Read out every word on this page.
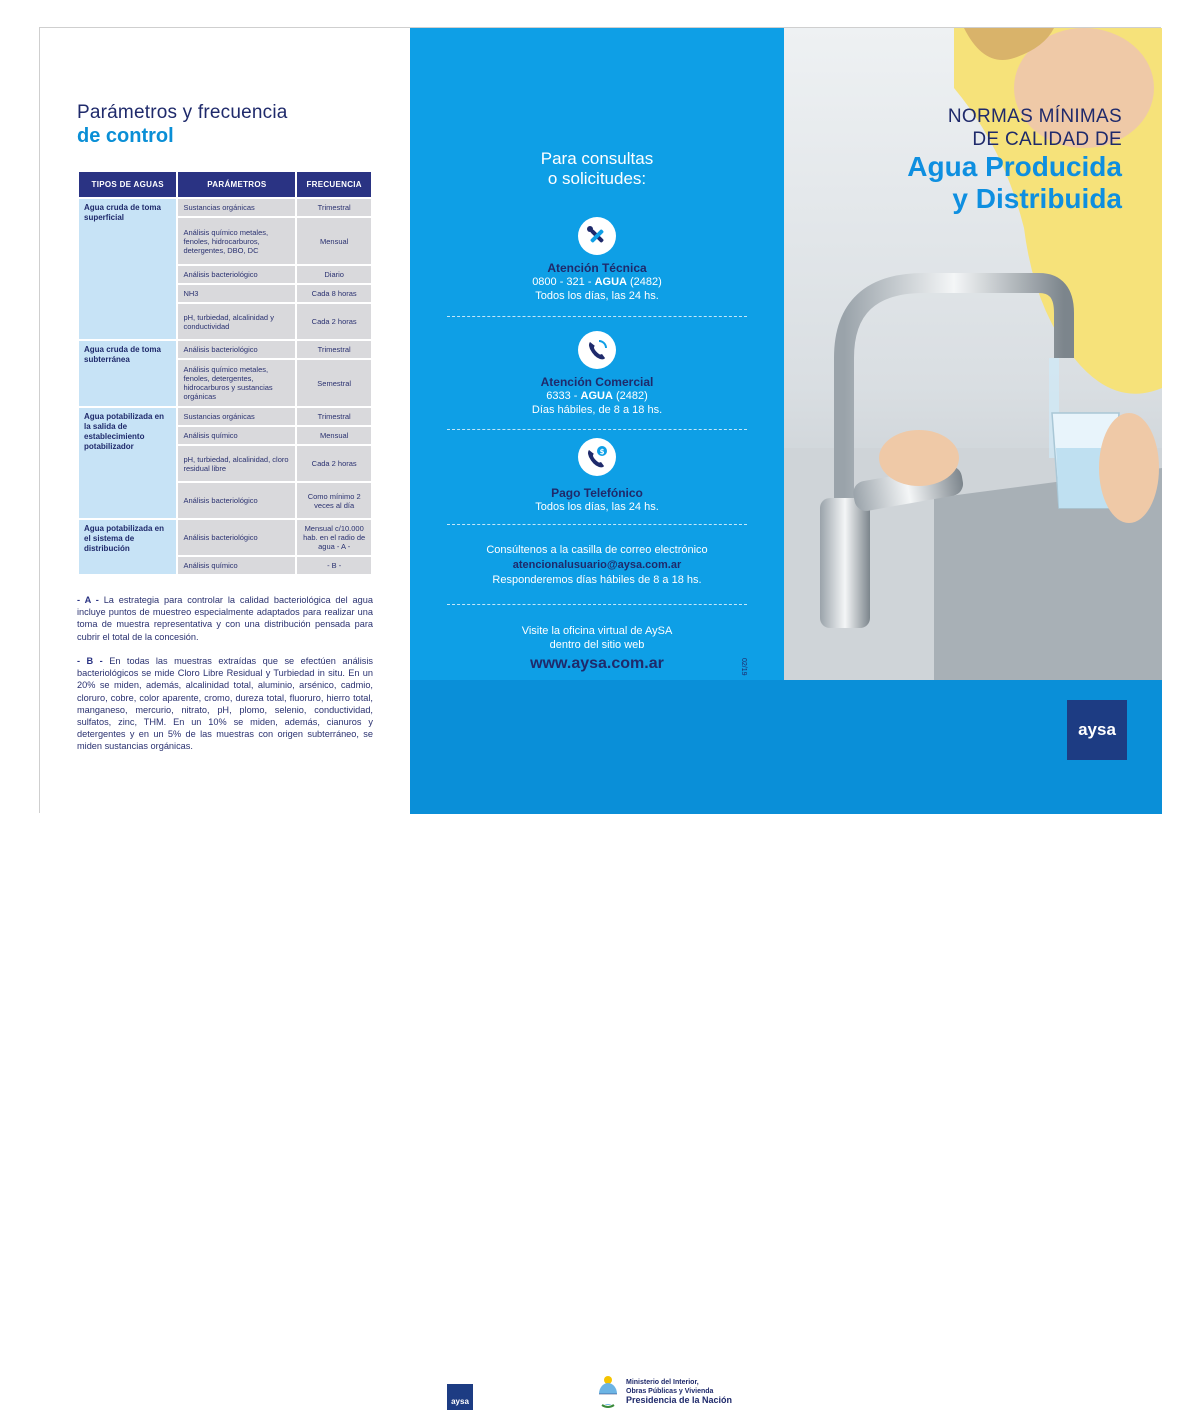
Parámetros y frecuencia
de control
TIPOS DE AGUAS	PARÁMETROS	FRECUENCIA
Agua cruda de toma superficial	Sustancias orgánicas	Trimestral
	Análisis químico metales, fenoles, hidrocarburos, detergentes, DBO, DC	Mensual
	Análisis bacteriológico	Diario
	NH3	Cada 8 horas
	pH, turbiedad, alcalinidad y conductividad	Cada 2 horas
Agua cruda de toma subterránea	Análisis bacteriológico	Trimestral
	Análisis químico metales, fenoles, detergentes, hidrocarburos y sustancias orgánicas	Semestral
Agua potabilizada en la salida de establecimiento potabilizador	Sustancias orgánicas	Trimestral
	Análisis químico	Mensual
	pH, turbiedad, alcalinidad, cloro residual libre	Cada 2 horas
	Análisis bacteriológico	Como mínimo 2 veces al día
Agua potabilizada en el sistema de distribución	Análisis bacteriológico	Mensual c/10.000 hab. en el radio de agua - A -
	Análisis químico	- B -

- A - La estrategia para controlar la calidad bacteriológica del agua incluye puntos de muestreo especialmente adaptados para realizar una toma de muestra representativa y con una distribución pensada para cubrir el total de la concesión.

- B - En todas las muestras extraídas que se efectúen análisis bacteriológicos se mide Cloro Libre Residual y Turbiedad in situ. En un 20% se miden, además, alcalinidad total, aluminio, arsénico, cadmio, cloruro, cobre, color aparente, cromo, dureza total, fluoruro, hierro total, manganeso, mercurio, nitrato, pH, plomo, selenio, conductividad, sulfatos, zinc, THM. En un 10% se miden, además, cianuros y detergentes y en un 5% de las muestras con origen subterráneo, se miden sustancias orgánicas.

Para consultas
o solicitudes:
Atención Técnica
0800 - 321 - AGUA (2482)
Todos los días, las 24 hs.
Atención Comercial
6333 - AGUA (2482)
Días hábiles, de 8 a 18 hs.
$
Pago Telefónico
Todos los días, las 24 hs.
Consúltenos a la casilla de correo electrónico
atencionalusuario@aysa.com.ar
Responderemos días hábiles de 8 a 18 hs.
Visite la oficina virtual de AySA
dentro del sitio web
www.aysa.com.ar	02/19
aysa
Ministerio del Interior,
Obras Públicas y Vivienda
Presidencia de la Nación
NORMAS MÍNIMAS
DE CALIDAD DE
Agua Producida
y Distribuida
aysa
